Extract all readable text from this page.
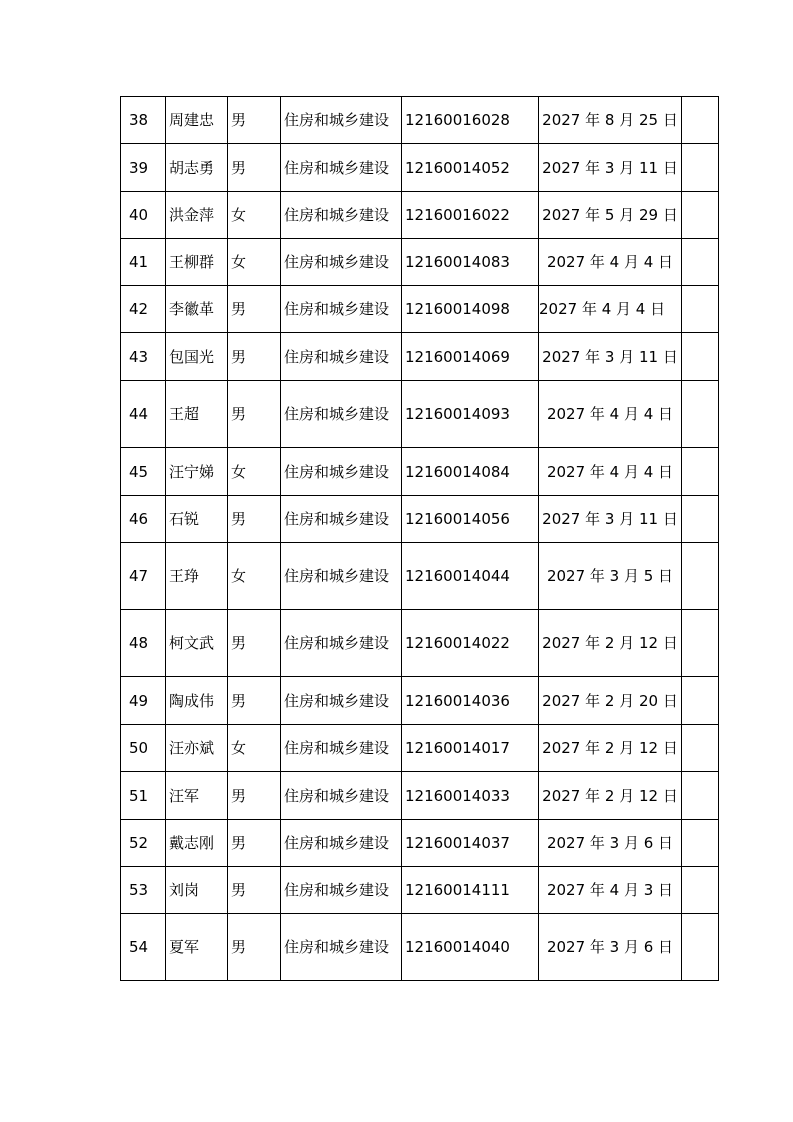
38	周建忠	男	住房和城乡建设	12160016028	2027 年 8 月 25 日	
39	胡志勇	男	住房和城乡建设	12160014052	2027 年 3 月 11 日	
40	洪金萍	女	住房和城乡建设	12160016022	2027 年 5 月 29 日	
41	王柳群	女	住房和城乡建设	12160014083	2027 年 4 月 4 日	
42	李徽革	男	住房和城乡建设	12160014098	2027 年 4 月 4 日	
43	包国光	男	住房和城乡建设	12160014069	2027 年 3 月 11 日	
44	王超	男	住房和城乡建设	12160014093	2027 年 4 月 4 日	
45	汪宁娣	女	住房和城乡建设	12160014084	2027 年 4 月 4 日	
46	石锐	男	住房和城乡建设	12160014056	2027 年 3 月 11 日	
47	王琤	女	住房和城乡建设	12160014044	2027 年 3 月 5 日	
48	柯文武	男	住房和城乡建设	12160014022	2027 年 2 月 12 日	
49	陶成伟	男	住房和城乡建设	12160014036	2027 年 2 月 20 日	
50	汪亦斌	女	住房和城乡建设	12160014017	2027 年 2 月 12 日	
51	汪军	男	住房和城乡建设	12160014033	2027 年 2 月 12 日	
52	戴志刚	男	住房和城乡建设	12160014037	2027 年 3 月 6 日	
53	刘岗	男	住房和城乡建设	12160014111	2027 年 4 月 3 日	
54	夏军	男	住房和城乡建设	12160014040	2027 年 3 月 6 日	
